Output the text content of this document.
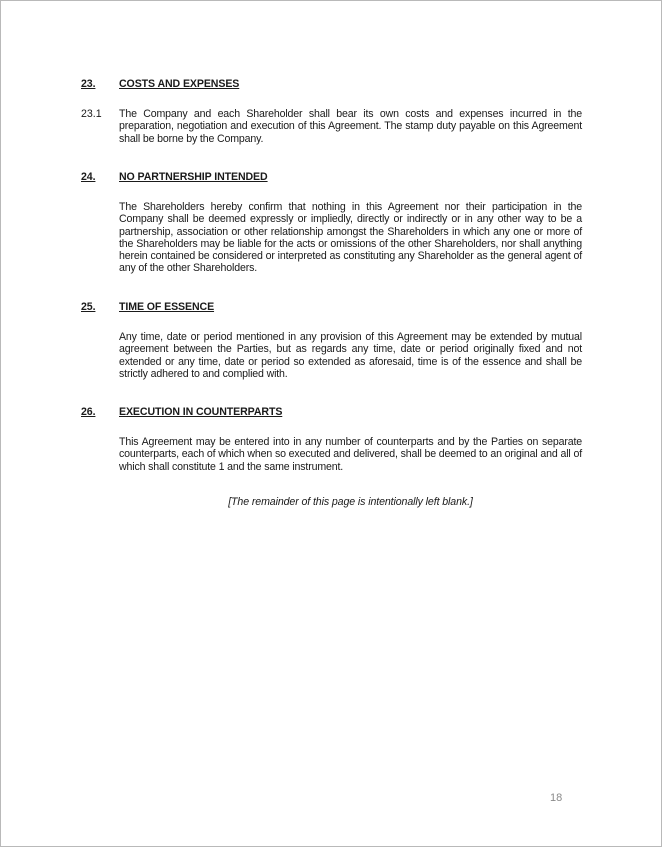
23. COSTS AND EXPENSES
23.1 The Company and each Shareholder shall bear its own costs and expenses incurred in the preparation, negotiation and execution of this Agreement. The stamp duty payable on this Agreement shall be borne by the Company.
24. NO PARTNERSHIP INTENDED
The Shareholders hereby confirm that nothing in this Agreement nor their participation in the Company shall be deemed expressly or impliedly, directly or indirectly or in any other way to be a partnership, association or other relationship amongst the Shareholders in which any one or more of the Shareholders may be liable for the acts or omissions of the other Shareholders, nor shall anything herein contained be considered or interpreted as constituting any Shareholder as the general agent of any of the other Shareholders.
25. TIME OF ESSENCE
Any time, date or period mentioned in any provision of this Agreement may be extended by mutual agreement between the Parties, but as regards any time, date or period originally fixed and not extended or any time, date or period so extended as aforesaid, time is of the essence and shall be strictly adhered to and complied with.
26. EXECUTION IN COUNTERPARTS
This Agreement may be entered into in any number of counterparts and by the Parties on separate counterparts, each of which when so executed and delivered, shall be deemed to an original and all of which shall constitute 1 and the same instrument.
[The remainder of this page is intentionally left blank.]
18
